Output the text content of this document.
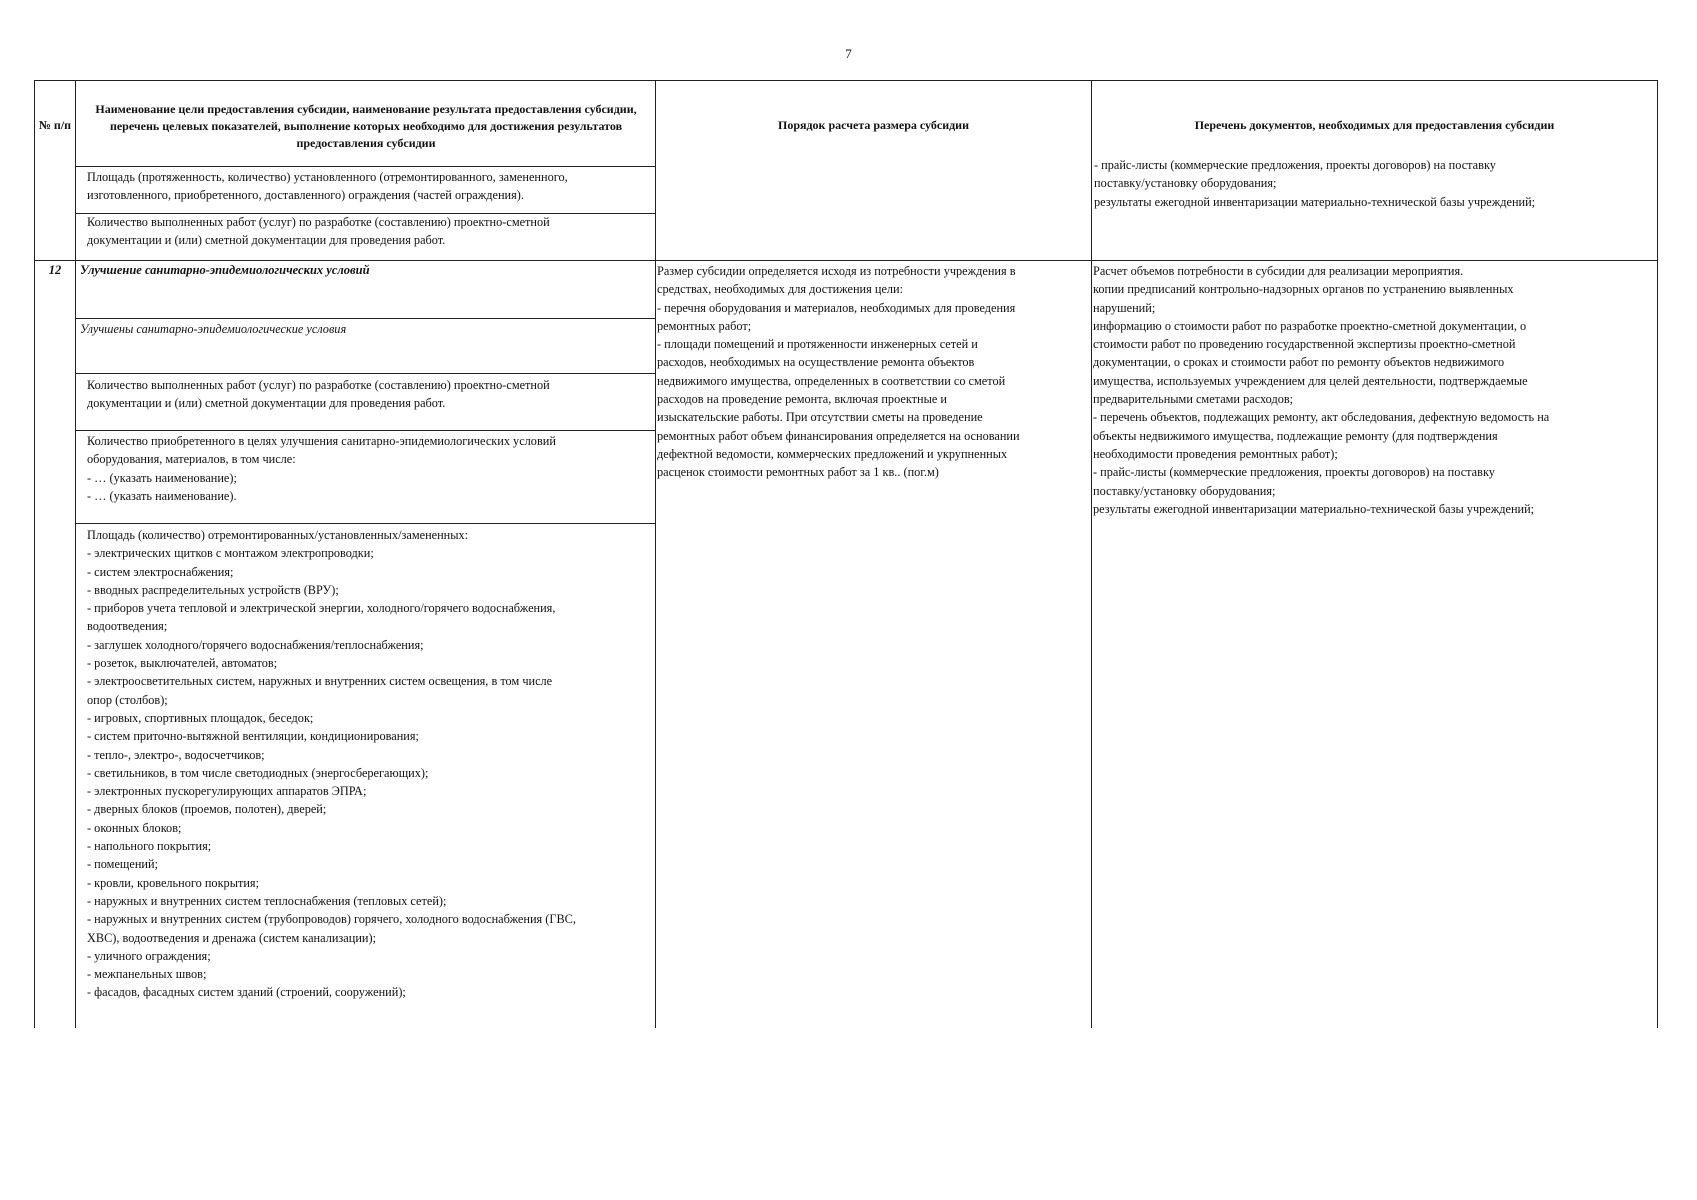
7
№ п/п
Наименование цели предоставления субсидии, наименование результата предоставления субсидии, перечень целевых показателей, выполнение которых необходимо для достижения результатов предоставления субсидии
Порядок расчета размера субсидии	Перечень документов, необходимых для предоставления субсидии
Площадь (протяженность, количество) установленного (отремонтированного, замененного,
изготовленного, приобретенного, доставленного) ограждения (частей ограждения).
Количество выполненных работ (услуг) по разработке (составлению) проектно-сметной
документации и (или) сметной документации для проведения работ.
- прайс-листы (коммерческие предложения, проекты договоров) на поставку
поставку/установку оборудования;
результаты ежегодной инвентаризации материально-технической базы учреждений;
12	Улучшение санитарно-эпидемиологических условий
Улучшены санитарно-эпидемиологические условия
Количество выполненных работ (услуг) по разработке (составлению) проектно-сметной
документации и (или) сметной документации для проведения работ.
Количество приобретенного в целях улучшения санитарно-эпидемиологических условий
оборудования, материалов, в том числе:
- … (указать наименование);
- … (указать наименование).
Площадь (количество) отремонтированных/установленных/замененных:
- электрических щитков с монтажом электропроводки;
- систем электроснабжения;
- вводных распределительных устройств (ВРУ);
- приборов учета тепловой и электрической энергии, холодного/горячего водоснабжения,
водоотведения;
- заглушек холодного/горячего водоснабжения/теплоснабжения;
- розеток, выключателей, автоматов;
- электроосветительных систем, наружных и внутренних систем освещения, в том числе
опор (столбов);
- игровых, спортивных площадок, беседок;
- систем приточно-вытяжной вентиляции, кондиционирования;
- тепло-, электро-, водосчетчиков;
- светильников, в том числе светодиодных (энергосберегающих);
- электронных пускорегулирующих аппаратов ЭПРА;
- дверных блоков (проемов, полотен), дверей;
- оконных блоков;
- напольного покрытия;
- помещений;
- кровли, кровельного покрытия;
- наружных и внутренних систем теплоснабжения (тепловых сетей);
- наружных и внутренних систем (трубопроводов) горячего, холодного водоснабжения (ГВС,
ХВС), водоотведения и дренажа (систем канализации);
- уличного ограждения;
- межпанельных швов;
- фасадов, фасадных систем зданий (строений, сооружений);
Размер субсидии определяется исходя из потребности учреждения в
средствах, необходимых для достижения цели:
- перечня оборудования и материалов, необходимых для проведения
ремонтных работ;
- площади помещений и протяженности инженерных сетей и
расходов, необходимых на осуществление ремонта объектов
недвижимого имущества, определенных в соответствии со сметой
расходов на проведение ремонта, включая проектные и
изыскательские работы. При отсутствии сметы на проведение
ремонтных работ объем финансирования определяется на основании
дефектной ведомости, коммерческих предложений и укрупненных
расценок стоимости ремонтных работ за 1 кв.. (пог.м)
Расчет объемов потребности в субсидии для реализации мероприятия.
копии предписаний контрольно-надзорных органов по устранению выявленных
нарушений;
информацию о стоимости работ по разработке проектно-сметной документации, о
стоимости работ по проведению государственной экспертизы проектно-сметной
документации, о сроках и стоимости работ по ремонту объектов недвижимого
имущества, используемых учреждением для целей деятельности, подтверждаемые
предварительными сметами расходов;
- перечень объектов, подлежащих ремонту, акт обследования, дефектную ведомость на
объекты недвижимого имущества, подлежащие ремонту (для подтверждения
необходимости проведения ремонтных работ);
- прайс-листы (коммерческие предложения, проекты договоров) на поставку
поставку/установку оборудования;
результаты ежегодной инвентаризации материально-технической базы учреждений;
